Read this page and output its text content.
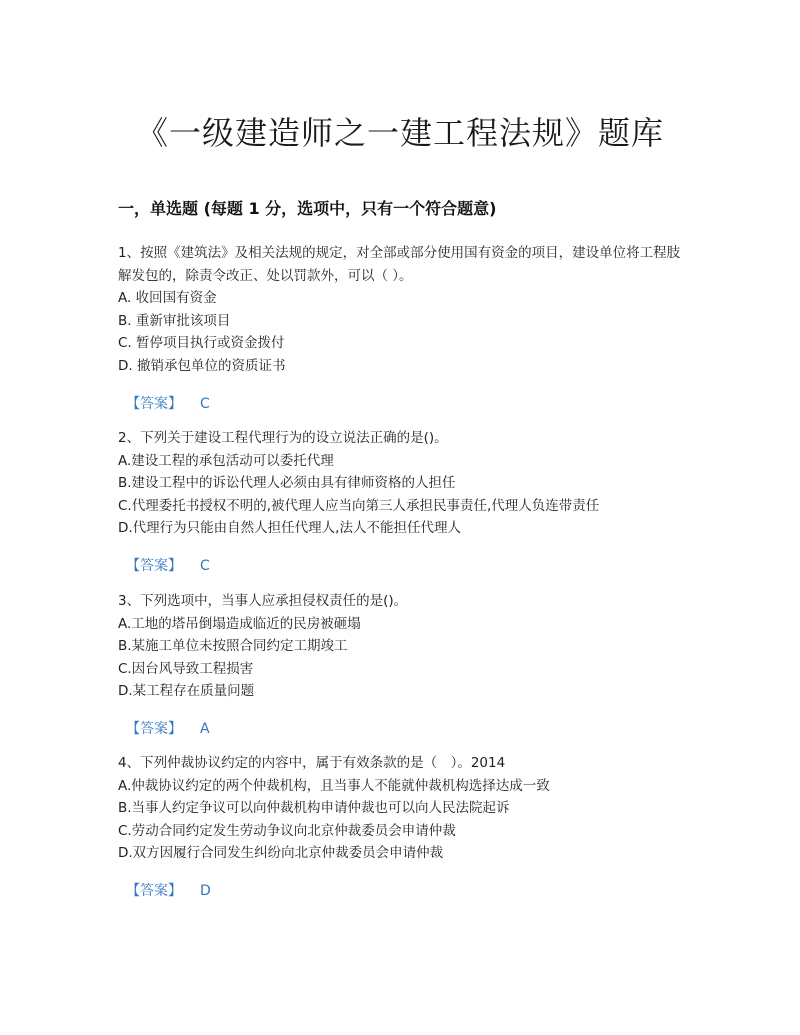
《一级建造师之一建工程法规》题库
一，单选题 (每题 1 分，选项中，只有一个符合题意)

1、按照《建筑法》及相关法规的规定，对全部或部分使用国有资金的项目，建设单位将工程肢解发包的，除责令改正、处以罚款外，可以（ ）。

A. 收回国有资金

B. 重新审批该项目

C. 暂停项目执行或资金拨付

D. 撤销承包单位的资质证书

【答案】 C

2、下列关于建设工程代理行为的设立说法正确的是()。

A.建设工程的承包活动可以委托代理

B.建设工程中的诉讼代理人必须由具有律师资格的人担任

C.代理委托书授权不明的,被代理人应当向第三人承担民事责任,代理人负连带责任

D.代理行为只能由自然人担任代理人,法人不能担任代理人

【答案】 C

3、下列选项中，当事人应承担侵权责任的是()。

A.工地的塔吊倒塌造成临近的民房被砸塌

B.某施工单位未按照合同约定工期竣工

C.因台风导致工程损害

D.某工程存在质量问题

【答案】 A

4、下列仲裁协议约定的内容中，属于有效条款的是（　）。2014

A.仲裁协议约定的两个仲裁机构，且当事人不能就仲裁机构选择达成一致

B.当事人约定争议可以向仲裁机构申请仲裁也可以向人民法院起诉

C.劳动合同约定发生劳动争议向北京仲裁委员会申请仲裁

D.双方因履行合同发生纠纷向北京仲裁委员会申请仲裁

【答案】 D
